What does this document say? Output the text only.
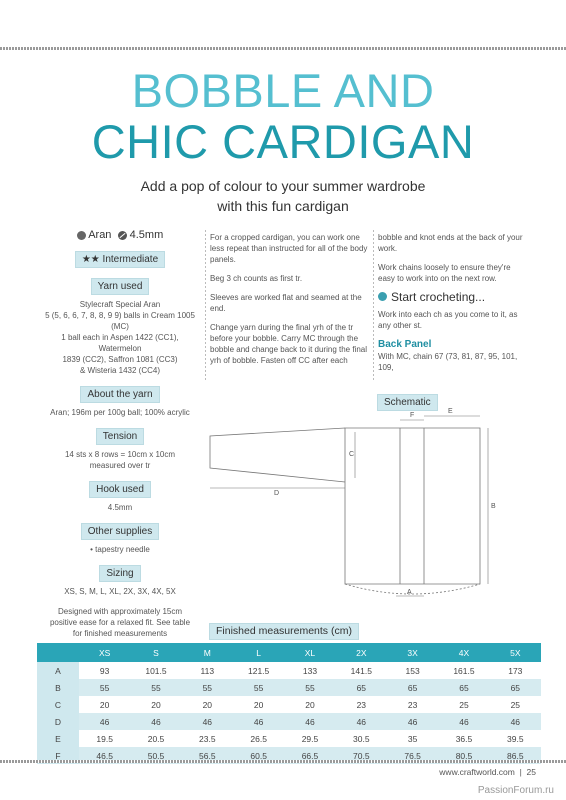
BOBBLE AND
CHIC CARDIGAN
Add a pop of colour to your summer wardrobe
with this fun cardigan
Aran 4.5mm
★★ Intermediate
Yarn used
Stylecraft Special Aran
5 (5, 6, 6, 7, 8, 8, 9 9) balls in Cream 1005 (MC)
1 ball each in Aspen 1422 (CC1), Watermelon
1839 (CC2), Saffron 1081 (CC3)
& Wisteria 1432 (CC4)
About the yarn
Aran; 196m per 100g ball; 100% acrylic
Tension
14 sts x 8 rows = 10cm x 10cm
measured over tr
Hook used
4.5mm
Other supplies
• tapestry needle
Sizing
XS, S, M, L, XL, 2X, 3X, 4X, 5X
Designed with approximately 15cm
positive ease for a relaxed fit. See table
for finished measurements

For a cropped cardigan, you can work one less repeat than instructed for all of the body panels.

Beg 3 ch counts as first tr.

Sleeves are worked flat and seamed at the end.

Change yarn during the final yrh of the tr before your bobble. Carry MC through the bobble and change back to it during the final yrh of bobble. Fasten off CC after each

bobble and knot ends at the back of your work.

Work chains loosely to ensure they're easy to work into on the next row.

Start crocheting...

Work into each ch as you come to it, as any other st.

Back Panel

With MC, chain 67 (73, 81, 87, 95, 101, 109,

Schematic
F
E
C
D
B
A
Finished measurements (cm)
	XS	S	M	L	XL	2X	3X	4X	5X
A	93	101.5	113	121.5	133	141.5	153	161.5	173
B	55	55	55	55	55	65	65	65	65
C	20	20	20	20	20	23	23	25	25
D	46	46	46	46	46	46	46	46	46
E	19.5	20.5	23.5	26.5	29.5	30.5	35	36.5	39.5
F	46.5	50.5	56.5	60.5	66.5	70.5	76.5	80.5	86.5
www.craftworld.com  |  25
PassionForum.ru
